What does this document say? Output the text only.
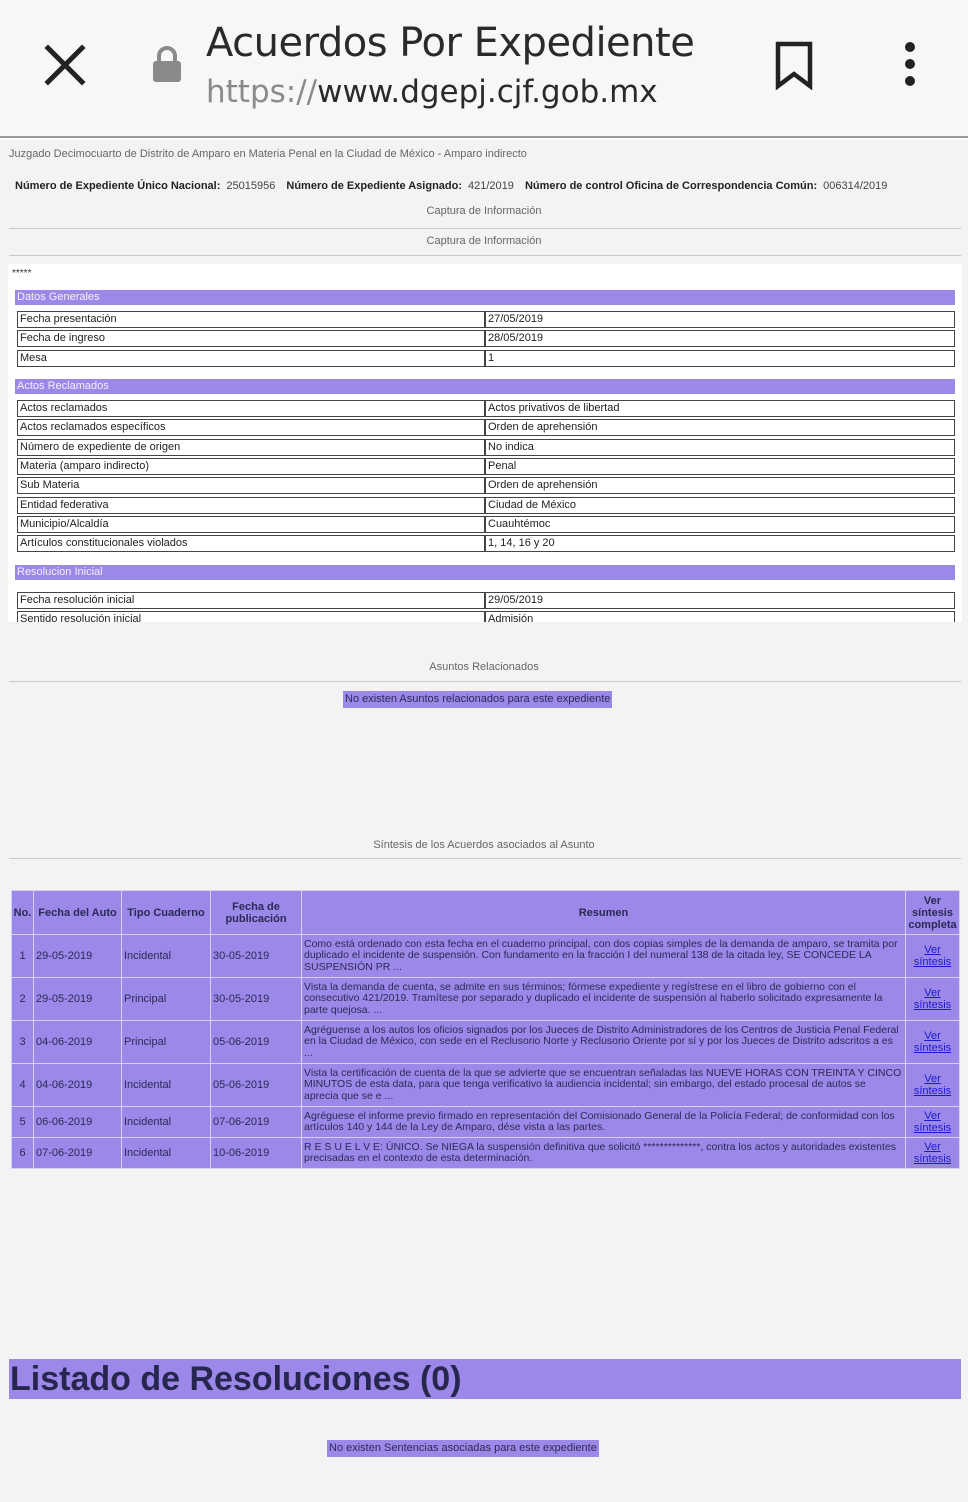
Acuerdos Por Expediente
https://www.dgepj.cjf.gob.mx
Juzgado Decimocuarto de Distrito de Amparo en Materia Penal en la Ciudad de México - Amparo indirecto
Número de Expediente Único Nacional: 25015956 Número de Expediente Asignado: 421/2019 Número de control Oficina de Correspondencia Común: 006314/2019
Captura de Información
Captura de Información
*****
Datos Generales
Fecha presentación	27/05/2019
Fecha de ingreso	28/05/2019
Mesa	1
Actos Reclamados
Actos reclamados	Actos privativos de libertad
Actos reclamados específicos	Orden de aprehensión
Número de expediente de origen	No indica
Materia (amparo indirecto)	Penal
Sub Materia	Orden de aprehensión
Entidad federativa	Ciudad de México
Municipio/Alcaldía	Cuauhtémoc
Artículos constitucionales violados	1, 14, 16 y 20
Resolucion Inicial
Fecha resolución inicial	29/05/2019
Sentido resolución inicial	Admisión
Asuntos Relacionados
No existen Asuntos relacionados para este expediente
Síntesis de los Acuerdos asociados al Asunto
No.	Fecha del Auto	Tipo Cuaderno	Fecha de publicación	Resumen	Ver síntesis completa
1	29-05-2019	Incidental	30-05-2019	Como está ordenado con esta fecha en el cuaderno principal, con dos copias simples de la demanda de amparo, se tramita por duplicado el incidente de suspensión. Con fundamento en la fracción I del numeral 138 de la citada ley, SE CONCEDE LA SUSPENSIÓN PR ...	Ver síntesis
2	29-05-2019	Principal	30-05-2019	Vista la demanda de cuenta, se admite en sus términos; fórmese expediente y regístrese en el libro de gobierno con el consecutivo 421/2019. Tramítese por separado y duplicado el incidente de suspensión al haberlo solicitado expresamente la parte quejosa. ...	Ver síntesis
3	04-06-2019	Principal	05-06-2019	Agréguense a los autos los oficios signados por los Jueces de Distrito Administradores de los Centros de Justicia Penal Federal en la Ciudad de México, con sede en el Reclusorio Norte y Reclusorio Oriente por sí y por los Jueces de Distrito adscritos a es ...	Ver síntesis
4	04-06-2019	Incidental	05-06-2019	Vista la certificación de cuenta de la que se advierte que se encuentran señaladas las NUEVE HORAS CON TREINTA Y CINCO MINUTOS de esta data, para que tenga verificativo la audiencia incidental; sin embargo, del estado procesal de autos se aprecia que se e ...	Ver síntesis
5	06-06-2019	Incidental	07-06-2019	Agréguese el informe previo firmado en representación del Comisionado General de la Policía Federal; de conformidad con los artículos 140 y 144 de la Ley de Amparo, dése vista a las partes.	Ver síntesis
6	07-06-2019	Incidental	10-06-2019	R E S U E L V E: ÚNICO. Se NIEGA la suspensión definitiva que solicitó **************, contra los actos y autoridades existentes precisadas en el contexto de esta determinación.	Ver síntesis
Listado de Resoluciones (0)
No existen Sentencias asociadas para este expediente
